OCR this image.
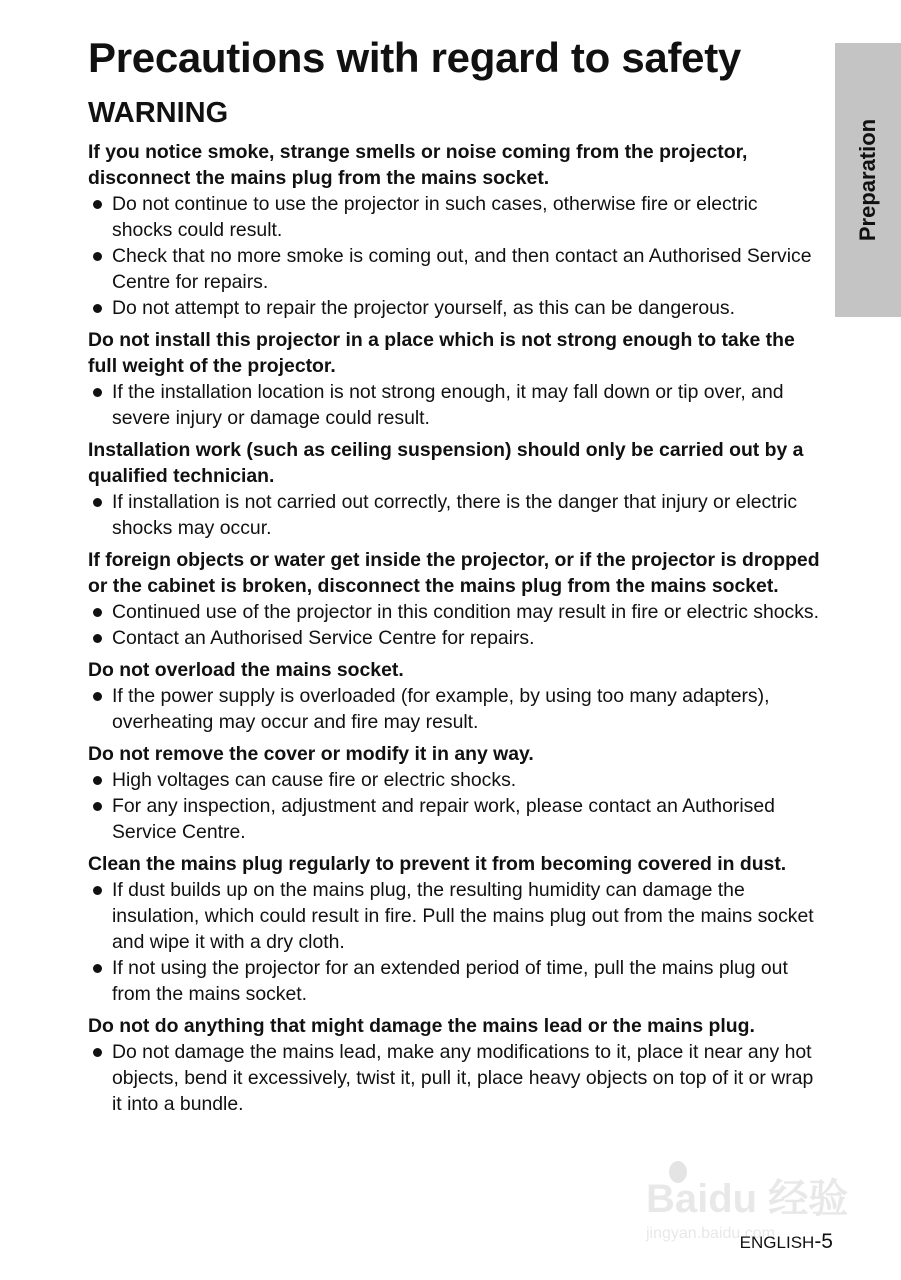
Precautions with regard to safety
WARNING
Preparation
If you notice smoke, strange smells or noise coming from the projector, disconnect the mains plug from the mains socket.
Do not continue to use the projector in such cases, otherwise fire or electric shocks could result.
Check that no more smoke is coming out, and then contact an Authorised Service Centre for repairs.
Do not attempt to repair the projector yourself, as this can be dangerous.
Do not install this projector in a place which is not strong enough to take the full weight of the projector.
If the installation location is not strong enough, it may fall down or tip over, and severe injury or damage could result.
Installation work (such as ceiling suspension) should only be carried out by a qualified technician.
If installation is not carried out correctly, there is the danger that injury or electric shocks may occur.
If foreign objects or water get inside the projector, or if the projector is dropped or the cabinet is broken, disconnect the mains plug from the mains socket.
Continued use of the projector in this condition may result in fire or electric shocks.
Contact an Authorised Service Centre for repairs.
Do not overload the mains socket.
If the power supply is overloaded (for example, by using too many adapters), overheating may occur and fire may result.
Do not remove the cover or modify it in any way.
High voltages can cause fire or electric shocks.
For any inspection, adjustment and repair work, please contact an Authorised Service Centre.
Clean the mains plug regularly to prevent it from becoming covered in dust.
If dust builds up on the mains plug, the resulting humidity can damage the insulation, which could result in fire. Pull the mains plug out from the mains socket and wipe it with a dry cloth.
If not using the projector for an extended period of time, pull the mains plug out from the mains socket.
Do not do anything that might damage the mains lead or the mains plug.
Do not damage the mains lead, make any modifications to it, place it near any hot objects, bend it excessively, twist it, pull it, place heavy objects on top of it or wrap it into a bundle.
Baidu 经验
jingyan.baidu.com
ENGLISH-5
